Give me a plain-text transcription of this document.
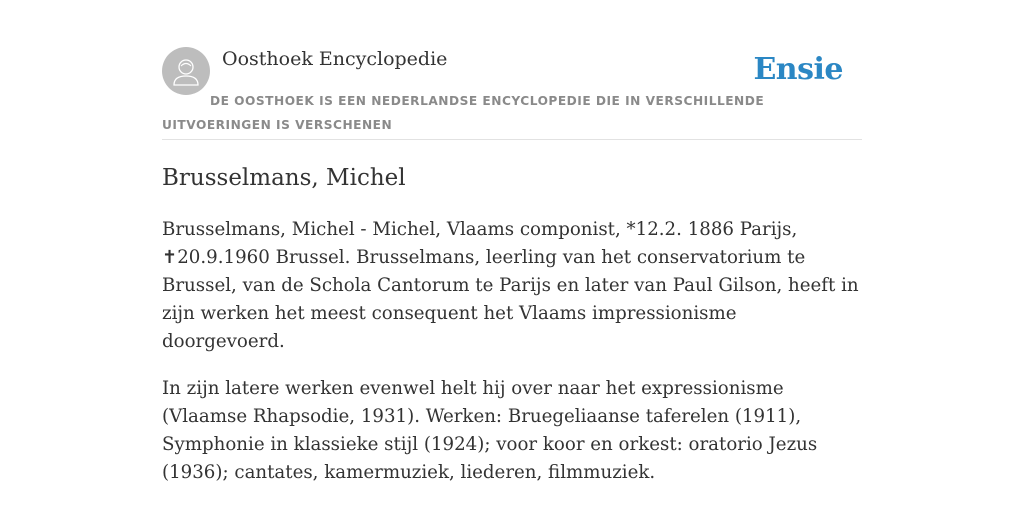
Oosthoek Encyclopedie	Ensie
DE OOSTHOEK IS EEN NEDERLANDSE ENCYCLOPEDIE DIE IN VERSCHILLENDE UITVOERINGEN IS VERSCHENEN
Brusselmans, Michel

Brusselmans, Michel - Michel, Vlaams componist, *12.2. 1886 Parijs, ✝20.9.1960 Brussel. Brusselmans, leerling van het conservatorium te Brussel, van de Schola Cantorum te Parijs en later van Paul Gilson, heeft in zijn werken het meest consequent het Vlaams impressionisme doorgevoerd.

In zijn latere werken evenwel helt hij over naar het expressionisme (Vlaamse Rhapsodie, 1931). Werken: Bruegeliaanse taferelen (1911), Symphonie in klassieke stijl (1924); voor koor en orkest: oratorio Jezus (1936); cantates, kamermuziek, liederen, filmmuziek.
